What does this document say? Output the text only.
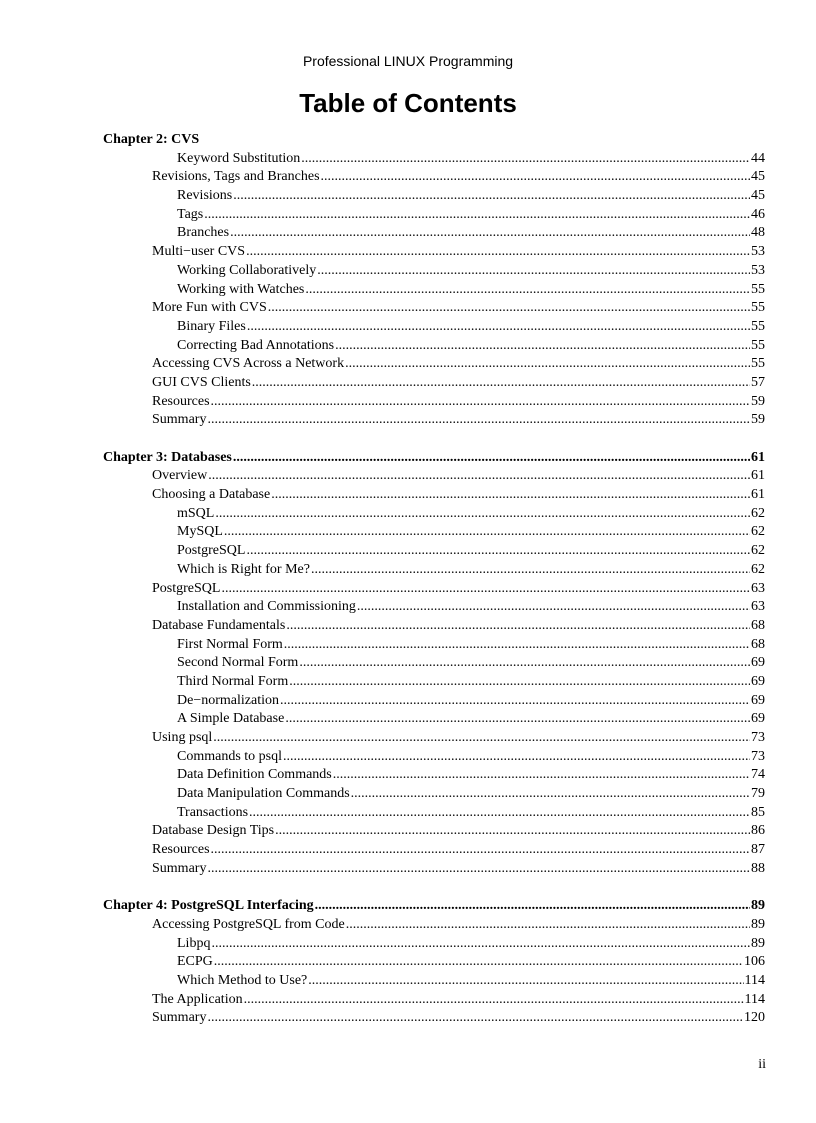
Professional LINUX Programming
Table of Contents
Chapter 2: CVS
Keyword Substitution .....	44
Revisions, Tags and Branches .....	45
Revisions .....	45
Tags .....	46
Branches .....	48
Multi−user CVS .....	53
Working Collaboratively .....	53
Working with Watches .....	55
More Fun with CVS .....	55
Binary Files .....	55
Correcting Bad Annotations .....	55
Accessing CVS Across a Network .....	55
GUI CVS Clients .....	57
Resources .....	59
Summary .....	59
Chapter 3: Databases .....	61
Overview .....	61
Choosing a Database .....	61
mSQL .....	62
MySQL .....	62
PostgreSQL .....	62
Which is Right for Me? .....	62
PostgreSQL .....	63
Installation and Commissioning .....	63
Database Fundamentals .....	68
First Normal Form .....	68
Second Normal Form .....	69
Third Normal Form .....	69
De−normalization .....	69
A Simple Database .....	69
Using psql .....	73
Commands to psql .....	73
Data Definition Commands .....	74
Data Manipulation Commands .....	79
Transactions .....	85
Database Design Tips .....	86
Resources .....	87
Summary .....	88
Chapter 4: PostgreSQL Interfacing .....	89
Accessing PostgreSQL from Code .....	89
Libpq .....	89
ECPG .....	106
Which Method to Use? .....	114
The Application .....	114
Summary .....	120
ii
